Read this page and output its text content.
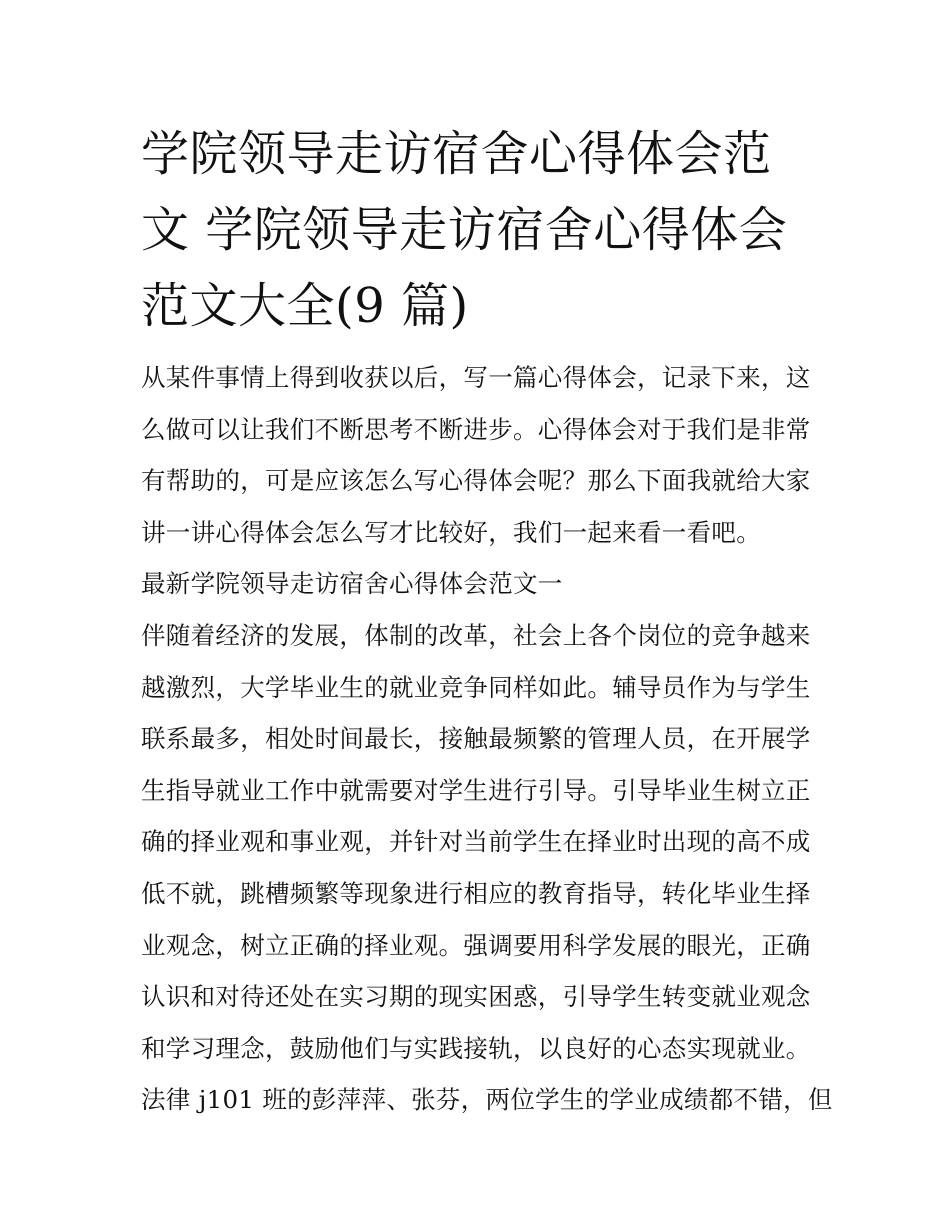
学院领导走访宿舍心得体会范
文 学院领导走访宿舍心得体会
范文大全(9 篇)
从某件事情上得到收获以后，写一篇心得体会，记录下来，这
么做可以让我们不断思考不断进步。心得体会对于我们是非常
有帮助的，可是应该怎么写心得体会呢？那么下面我就给大家
讲一讲心得体会怎么写才比较好，我们一起来看一看吧。
最新学院领导走访宿舍心得体会范文一
伴随着经济的发展，体制的改革，社会上各个岗位的竞争越来
越激烈，大学毕业生的就业竞争同样如此。辅导员作为与学生
联系最多，相处时间最长，接触最频繁的管理人员，在开展学
生指导就业工作中就需要对学生进行引导。引导毕业生树立正
确的择业观和事业观，并针对当前学生在择业时出现的高不成
低不就，跳槽频繁等现象进行相应的教育指导，转化毕业生择
业观念，树立正确的择业观。强调要用科学发展的眼光，正确
认识和对待还处在实习期的现实困惑，引导学生转变就业观念
和学习理念，鼓励他们与实践接轨，以良好的心态实现就业。
法律 j101 班的彭萍萍、张芬，两位学生的学业成绩都不错，但
